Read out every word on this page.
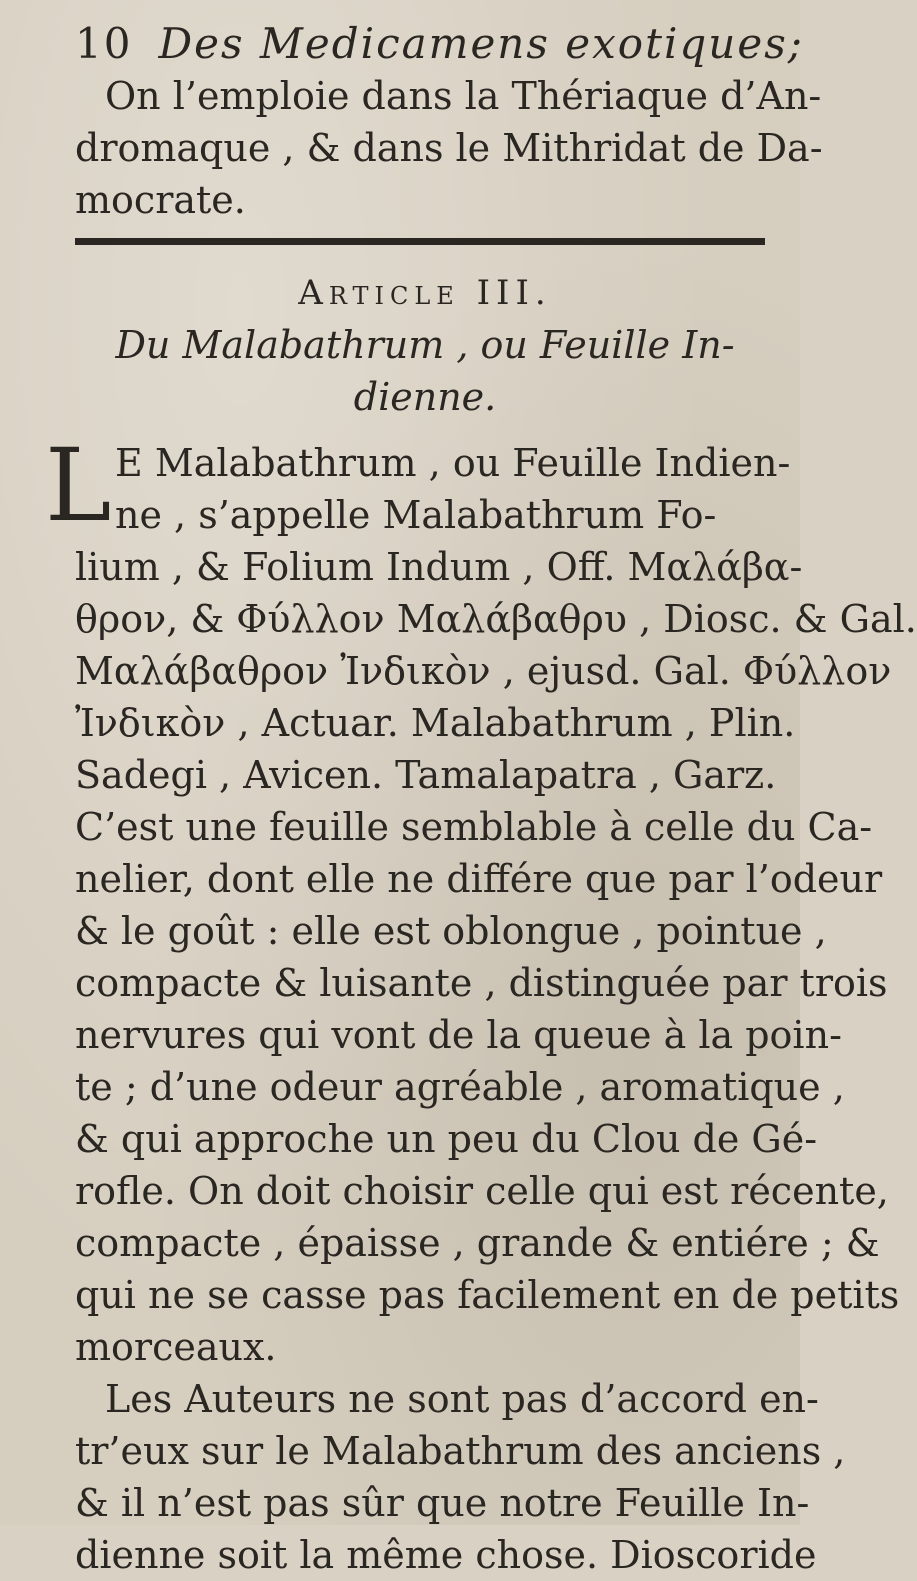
10 Des Medicamens exotiques;
On l’emploie dans la Thériaque d’An-
dromaque , & dans le Mithridat de Da-
mocrate.
Article III.
Du Malabathrum , ou Feuille In-
dienne.
L E Malabathrum , ou Feuille Indien-
ne , s’appelle Malabathrum Fo-
lium , & Folium Indum , Off. Μαλάβα-
θρον, & Φύλλον Μαλάβαθρυ , Diosc. & Gal.
Μαλάβαθρον Ἰνδικὸν , ejusd. Gal. Φύλλον
Ἰνδικὸν , Actuar. Malabathrum , Plin.
Sadegi , Avicen. Tamalapatra , Garz.
C’est une feuille semblable à celle du Ca-
nelier, dont elle ne différe que par l’odeur
& le goût : elle est oblongue , pointue ,
compacte & luisante , distinguée par trois
nervures qui vont de la queue à la poin-
te ; d’une odeur agréable , aromatique ,
& qui approche un peu du Clou de Gé-
rofle. On doit choisir celle qui est récente,
compacte , épaisse , grande & entiére ; &
qui ne se casse pas facilement en de petits
morceaux.
Les Auteurs ne sont pas d’accord en-
tr’eux sur le Malabathrum des anciens ,
& il n’est pas sûr que notre Feuille In-
dienne soit la même chose. Dioscoride
